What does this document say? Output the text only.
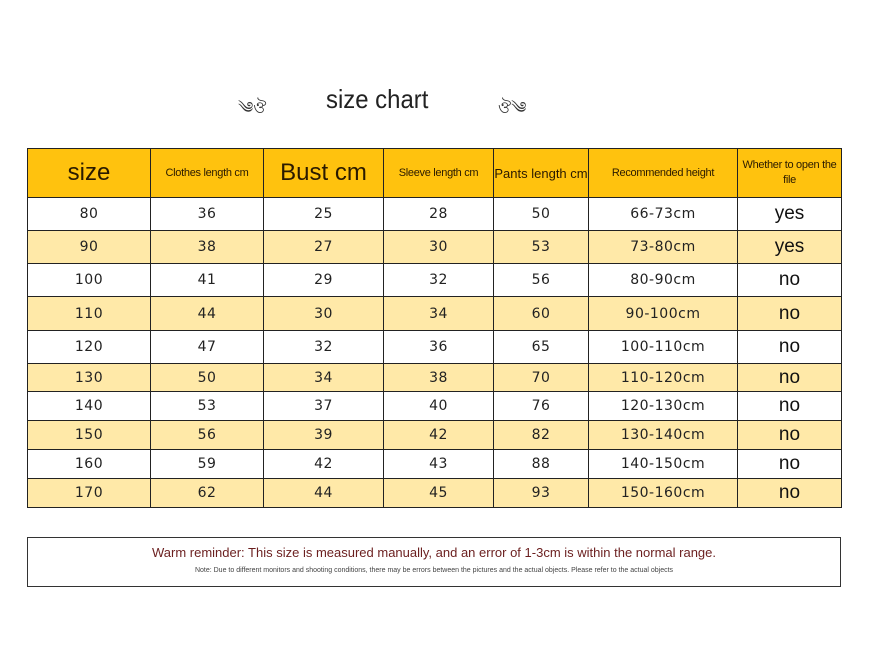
༄ঔ size chart	ঔ༄
size	Clothes length cm	Bust cm	Sleeve length cm	Pants length cm	Recommended height	Whether to open the file
80	36	25	28	50	66-73cm	yes
90	38	27	30	53	73-80cm	yes
100	41	29	32	56	80-90cm	no
110	44	30	34	60	90-100cm	no
120	47	32	36	65	100-110cm	no
130	50	34	38	70	110-120cm	no
140	53	37	40	76	120-130cm	no
150	56	39	42	82	130-140cm	no
160	59	42	43	88	140-150cm	no
170	62	44	45	93	150-160cm	no
Warm reminder: This size is measured manually, and an error of 1-3cm is within the normal range.
Note: Due to different monitors and shooting conditions, there may be errors between the pictures and the actual objects. Please refer to the actual objects
